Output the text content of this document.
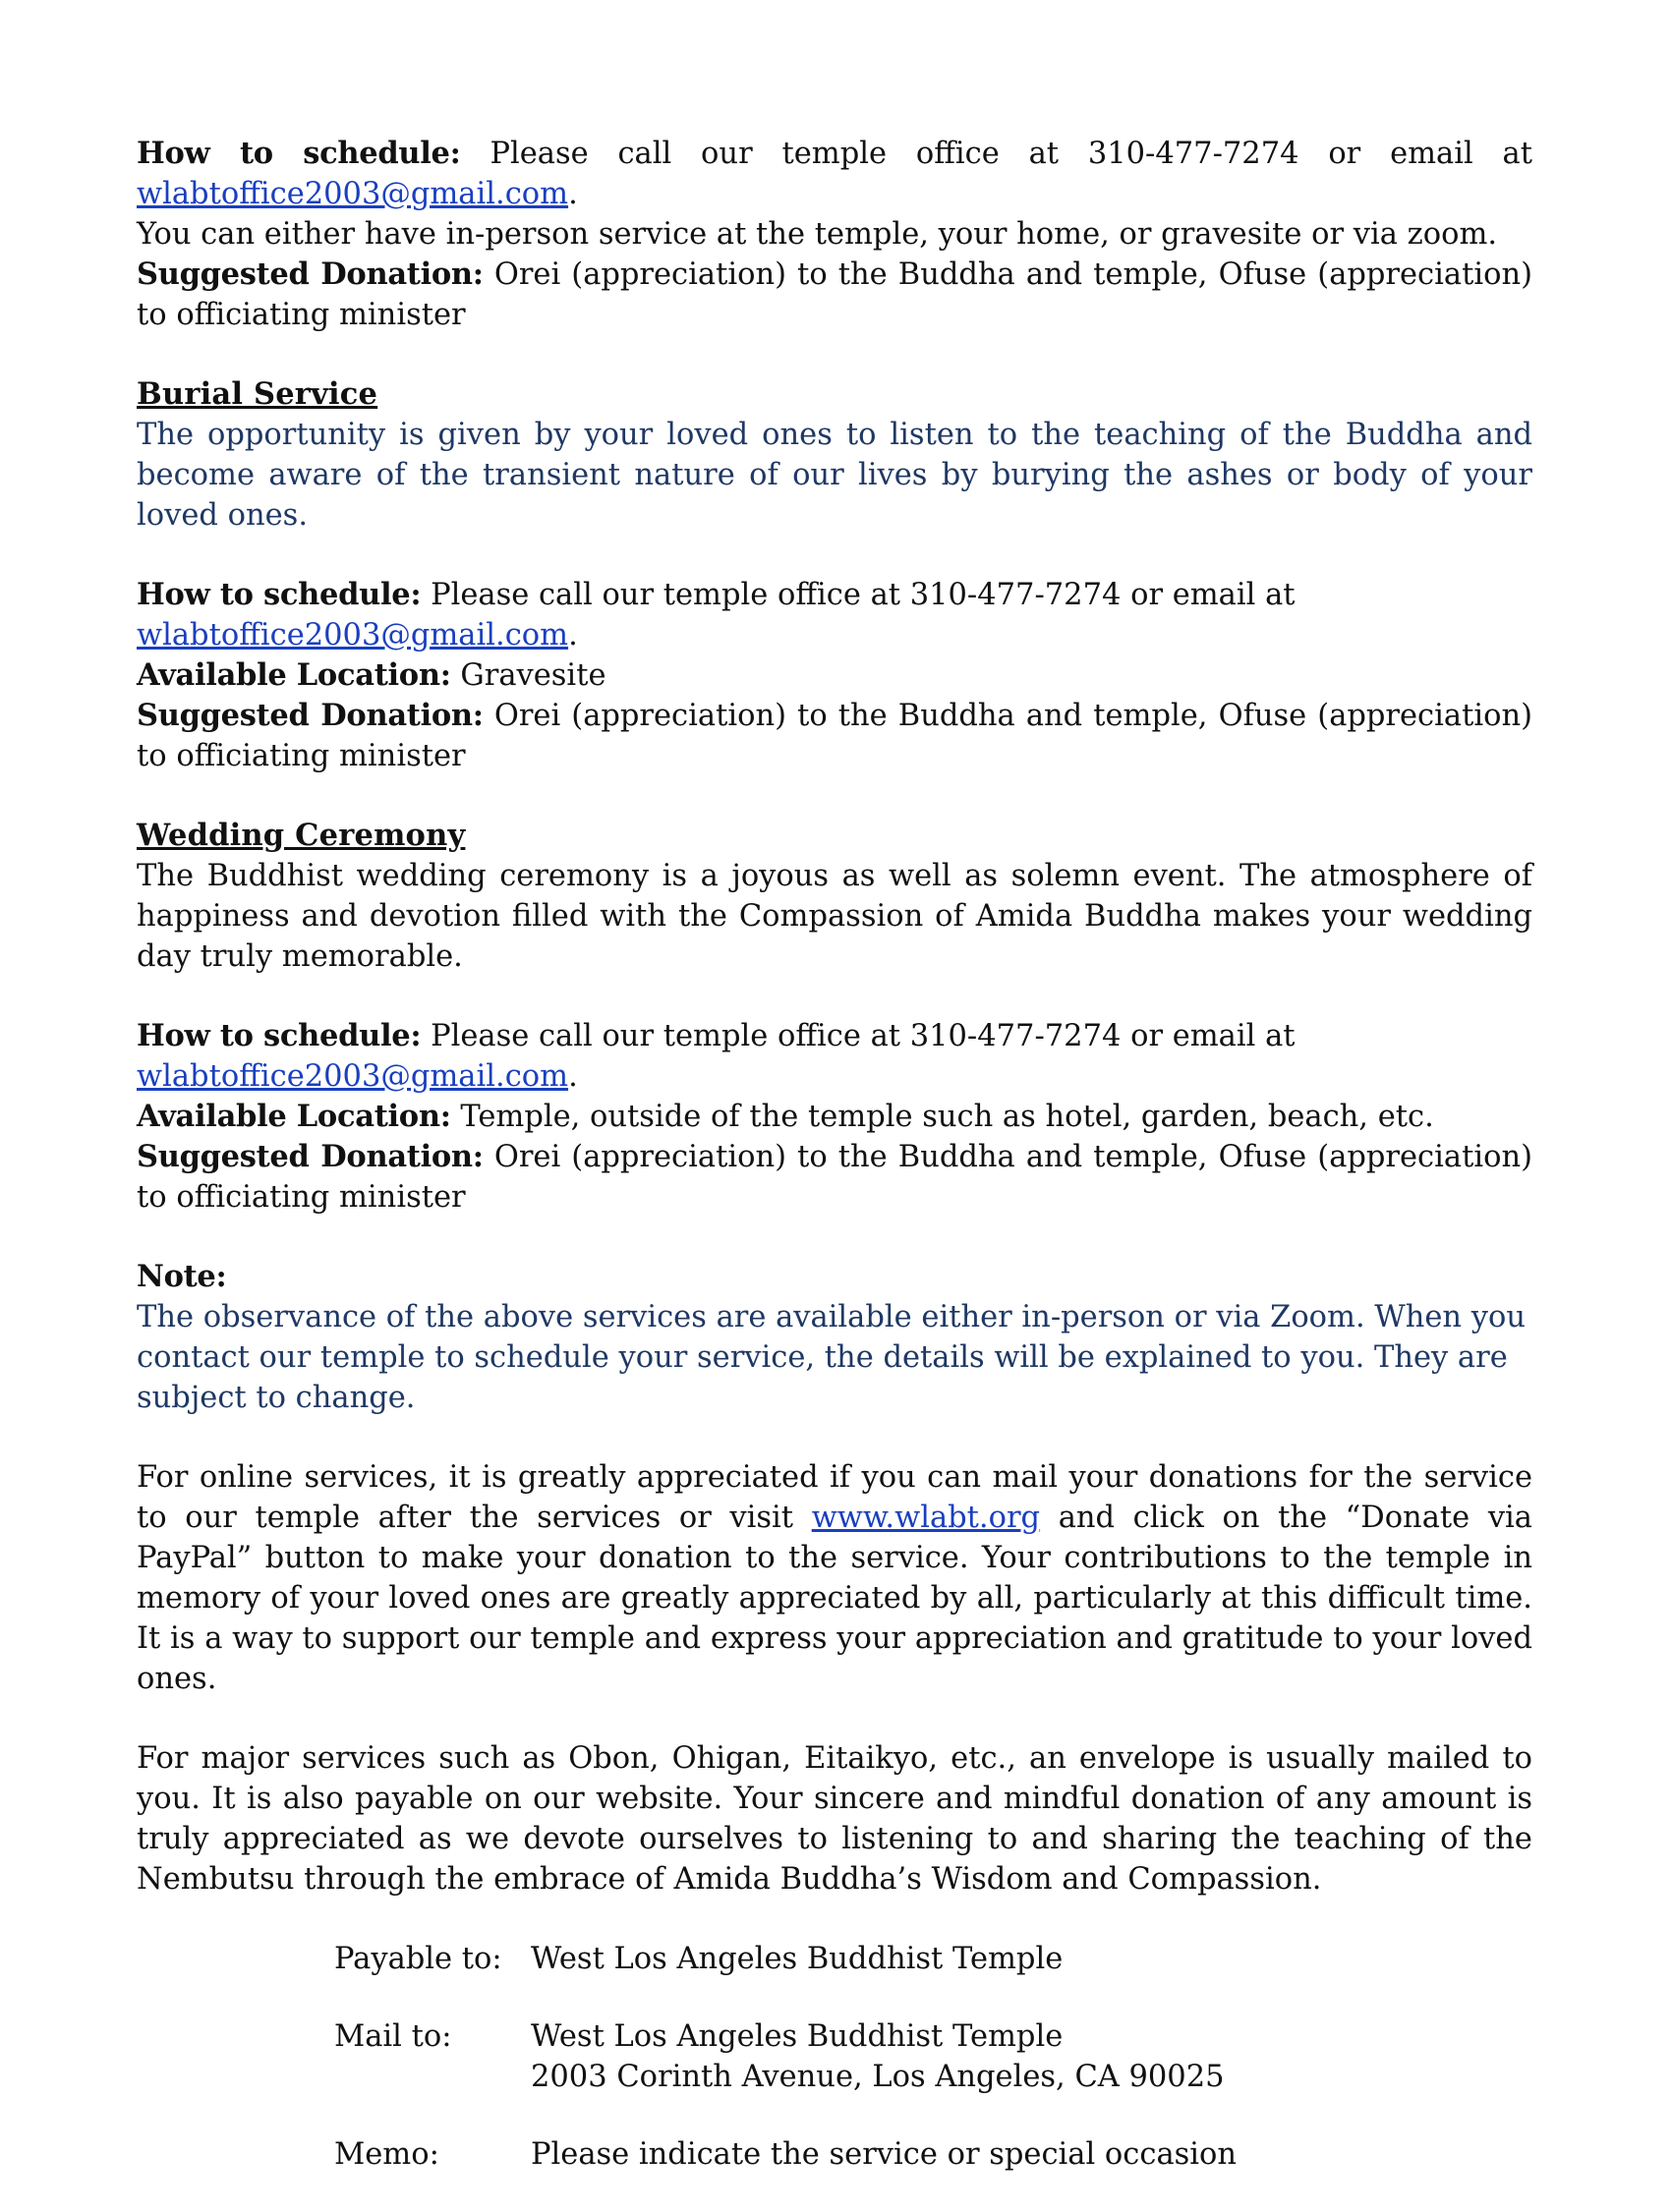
How to schedule: Please call our temple office at 310-477-7274 or email at wlabtoffice2003@gmail.com.

You can either have in-person service at the temple, your home, or gravesite or via zoom.

Suggested Donation: Orei (appreciation) to the Buddha and temple, Ofuse (appreciation) to officiating minister

Burial Service

The opportunity is given by your loved ones to listen to the teaching of the Buddha and become aware of the transient nature of our lives by burying the ashes or body of your loved ones.

How to schedule: Please call our temple office at 310-477-7274 or email at wlabtoffice2003@gmail.com.

Available Location: Gravesite

Suggested Donation: Orei (appreciation) to the Buddha and temple, Ofuse (appreciation) to officiating minister

Wedding Ceremony

The Buddhist wedding ceremony is a joyous as well as solemn event. The atmosphere of happiness and devotion filled with the Compassion of Amida Buddha makes your wedding day truly memorable.

How to schedule: Please call our temple office at 310-477-7274 or email at wlabtoffice2003@gmail.com.

Available Location: Temple, outside of the temple such as hotel, garden, beach, etc.

Suggested Donation: Orei (appreciation) to the Buddha and temple, Ofuse (appreciation) to officiating minister

Note:

The observance of the above services are available either in-person or via Zoom. When you contact our temple to schedule your service, the details will be explained to you. They are subject to change.

For online services, it is greatly appreciated if you can mail your donations for the service to our temple after the services or visit www.wlabt.org and click on the “Donate via PayPal” button to make your donation to the service. Your contributions to the temple in memory of your loved ones are greatly appreciated by all, particularly at this difficult time. It is a way to support our temple and express your appreciation and gratitude to your loved ones.

For major services such as Obon, Ohigan, Eitaikyo, etc., an envelope is usually mailed to you. It is also payable on our website. Your sincere and mindful donation of any amount is truly appreciated as we devote ourselves to listening to and sharing the teaching of the Nembutsu through the embrace of Amida Buddha’s Wisdom and Compassion.

Payable to: West Los Angeles Buddhist Temple
Mail to:	West Los Angeles Buddhist Temple
2003 Corinth Avenue, Los Angeles, CA 90025
Memo:	Please indicate the service or special occasion
